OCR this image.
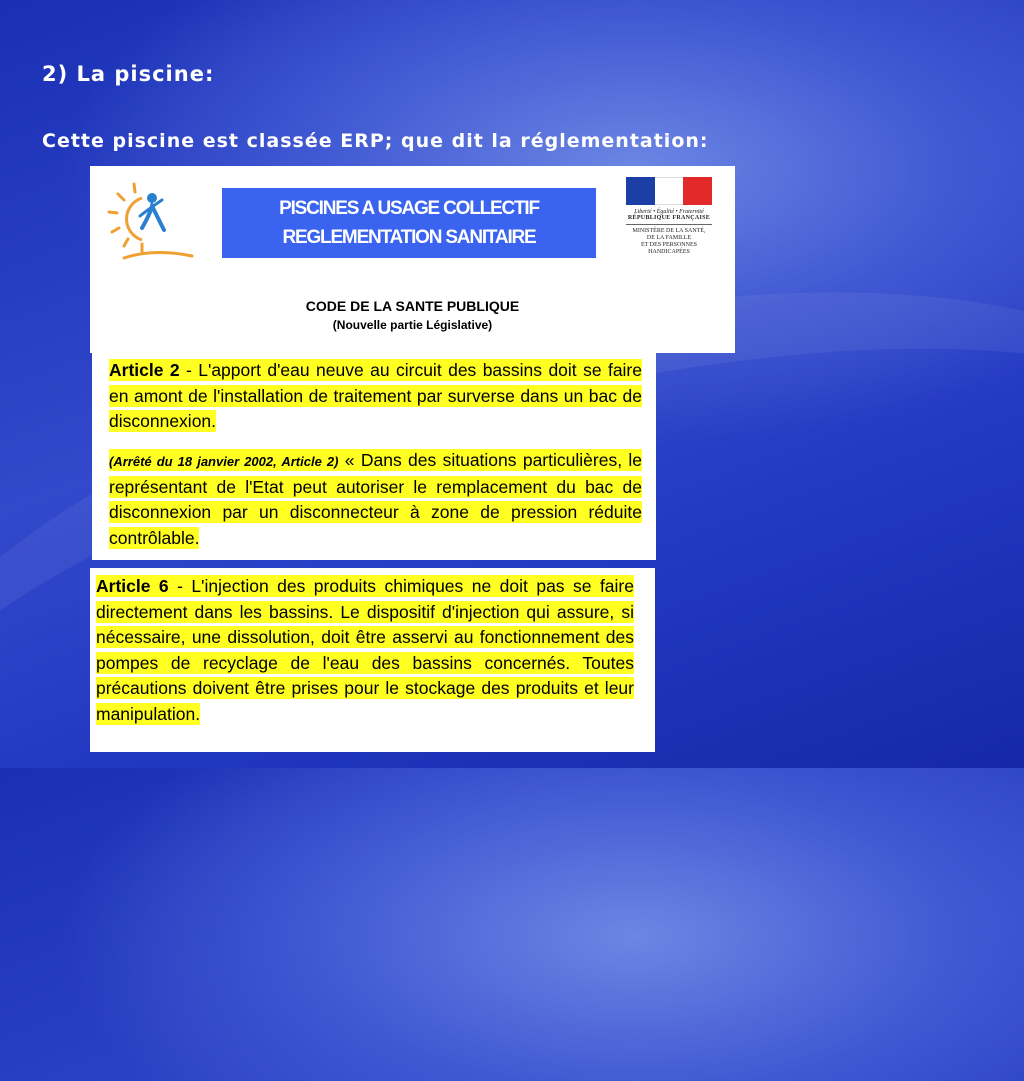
2) La piscine:
Cette piscine est classée ERP; que dit la réglementation:
PISCINES A USAGE COLLECTIF
REGLEMENTATION SANITAIRE
Liberté • Égalité • Fraternité
RÉPUBLIQUE FRANÇAISE
MINISTÈRE DE LA SANTÉ,
DE LA FAMILLE
ET DES PERSONNES
HANDICAPÉES
CODE DE LA SANTE PUBLIQUE
(Nouvelle partie Législative)

Article 2 - L'apport d'eau neuve au circuit des bassins doit se faire en amont de l'installation de traitement par surverse dans un bac de disconnexion.

(Arrêté du 18 janvier 2002, Article 2) « Dans des situations particulières, le représentant de l'Etat peut autoriser le remplacement du bac de disconnexion par un disconnecteur à zone de pression réduite contrôlable.

Article 6 - L'injection des produits chimiques ne doit pas se faire directement dans les bassins. Le dispositif d'injection qui assure, si nécessaire, une dissolution, doit être asservi au fonctionnement des pompes de recyclage de l'eau des bassins concernés. Toutes précautions doivent être prises pour le stockage des produits et leur manipulation.
